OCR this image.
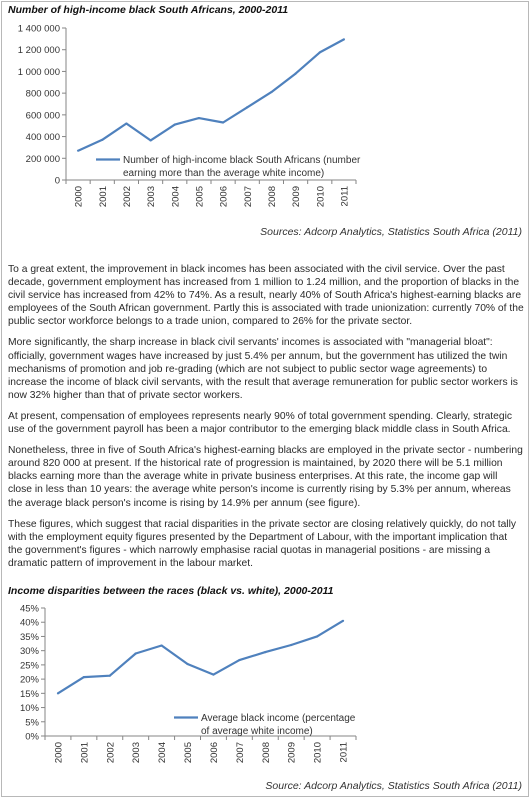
Number of high-income black South Africans, 2000-2011
0
200 000
400 000
600 000
800 000
1 000 000
1 200 000
1 400 000
2000 2001 2002 2003 2004 2005 2006 2007 2008 2009 2010 2011
Number of high-income black South Africans (number
earning more than the average white income)
Sources: Adcorp Analytics, Statistics South Africa (2011)

To a great extent, the improvement in black incomes has been associated with the civil service. Over the past decade, government employment has increased from 1 million to 1.24 million, and the proportion of blacks in the civil service has increased from 42% to 74%. As a result, nearly 40% of South Africa's highest-earning blacks are employees of the South African government. Partly this is associated with trade unionization: currently 70% of the public sector workforce belongs to a trade union, compared to 26% for the private sector.

More significantly, the sharp increase in black civil servants' incomes is associated with "managerial bloat": officially, government wages have increased by just 5.4% per annum, but the government has utilized the twin mechanisms of promotion and job re-grading (which are not subject to public sector wage agreements) to increase the income of black civil servants, with the result that average remuneration for public sector workers is now 32% higher than that of private sector workers.

At present, compensation of employees represents nearly 90% of total government spending. Clearly, strategic use of the government payroll has been a major contributor to the emerging black middle class in South Africa.

Nonetheless, three in five of South Africa's highest-earning blacks are employed in the private sector - numbering around 820 000 at present. If the historical rate of progression is maintained, by 2020 there will be 5.1 million blacks earning more than the average white in private business enterprises. At this rate, the income gap will close in less than 10 years: the average white person's income is currently rising by 5.3% per annum, whereas the average black person's income is rising by 14.9% per annum (see figure).

These figures, which suggest that racial disparities in the private sector are closing relatively quickly, do not tally with the employment equity figures presented by the Department of Labour, with the important implication that the government's figures - which narrowly emphasise racial quotas in managerial positions - are missing a dramatic pattern of improvement in the labour market.

Income disparities between the races (black vs. white), 2000-2011
0%
5%
10%
15%
20%
25%
30%
35%
40%
45%
2000 2001 2002 2003 2004 2005 2006 2007 2008 2009 2010 2011
Average black income (percentage
of average white income)
Source: Adcorp Analytics, Statistics South Africa (2011)
